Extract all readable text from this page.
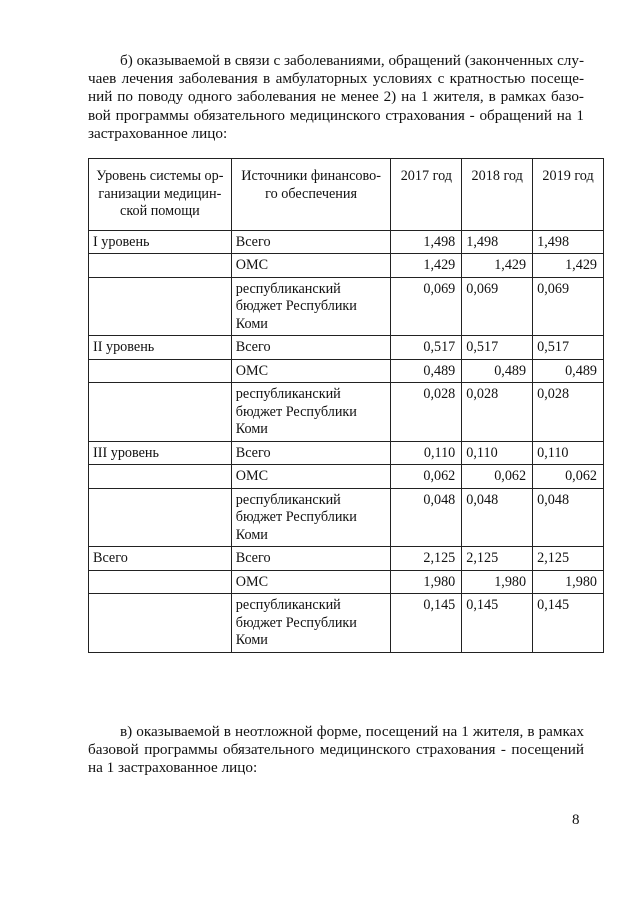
б) оказываемой в связи с заболеваниями, обращений (законченных слу-
чаев лечения заболевания в амбулаторных условиях с кратностью посеще-
ний по поводу одного заболевания не менее 2) на 1 жителя, в рамках базо-
вой программы обязательного медицинского страхования - обращений на 1
застрахованное лицо:
Уровень системы ор-
ганизации медицин-
ской помощи	Источники финансово-
го обеспечения	2017 год	2018 год	2019 год
I уровень	Всего	1,498	1,498	1,498

	ОМС	1,429	1,429	1,429

	республиканский
бюджет Республики
Коми	0,069	0,069	0,069
II уровень	Всего	0,517	0,517	0,517

	ОМС	0,489	0,489	0,489

	республиканский
бюджет Республики
Коми	0,028	0,028	0,028
III уровень	Всего	0,110	0,110	0,110

	ОМС	0,062	0,062	0,062

	республиканский
бюджет Республики
Коми	0,048	0,048	0,048
Всего	Всего	2,125	2,125	2,125

	ОМС	1,980	1,980	1,980

	республиканский
бюджет Республики
Коми	0,145	0,145	0,145
в) оказываемой в неотложной форме, посещений на 1 жителя, в рамках
базовой программы обязательного медицинского страхования - посещений
на 1 застрахованное лицо:
8
